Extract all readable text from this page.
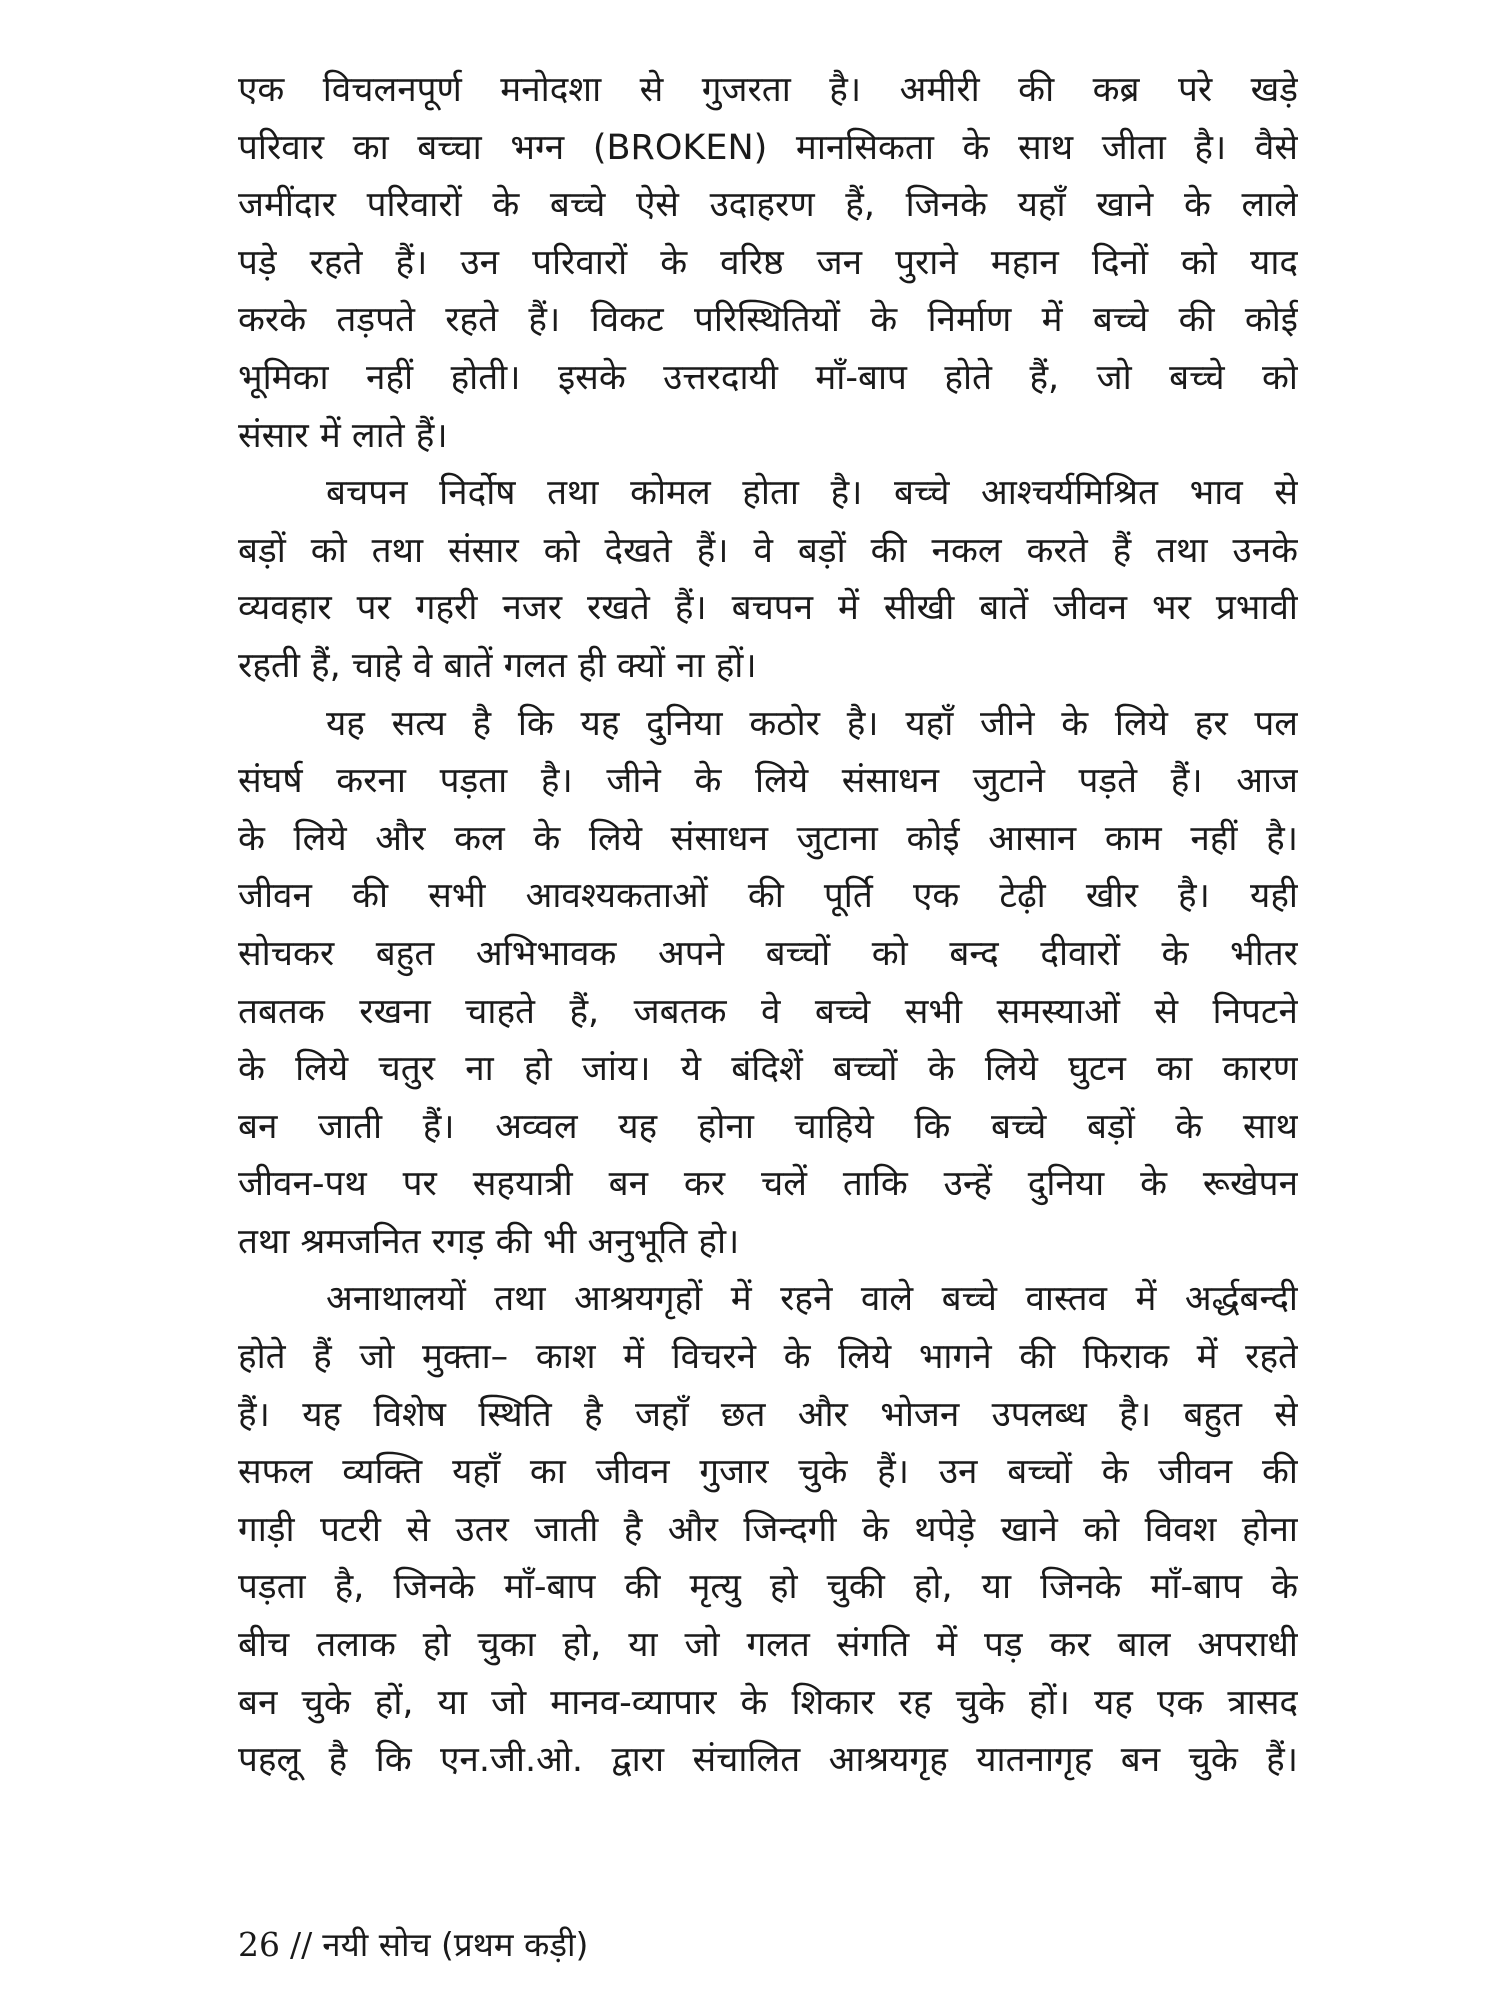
एक विचलनपूर्ण मनोदशा से गुजरता है। अमीरी की कब्र परे खड़े
परिवार का बच्चा भग्न (BROKEN) मानसिकता के साथ जीता है। वैसे
जमींदार परिवारों के बच्चे ऐसे उदाहरण हैं, जिनके यहाँ खाने के लाले
पड़े रहते हैं। उन परिवारों के वरिष्ठ जन पुराने महान दिनों को याद
करके तड़पते रहते हैं। विकट परिस्थितियों के निर्माण में बच्चे की कोई
भूमिका नहीं होती। इसके उत्तरदायी माँ-बाप होते हैं, जो बच्चे को
संसार में लाते हैं।
बचपन निर्दोष तथा कोमल होता है। बच्चे आश्चर्यमिश्रित भाव से
बड़ों को तथा संसार को देखते हैं। वे बड़ों की नकल करते हैं तथा उनके
व्यवहार पर गहरी नजर रखते हैं। बचपन में सीखी बातें जीवन भर प्रभावी
रहती हैं, चाहे वे बातें गलत ही क्यों ना हों।
यह सत्य है कि यह दुनिया कठोर है। यहाँ जीने के लिये हर पल
संघर्ष करना पड़ता है। जीने के लिये संसाधन जुटाने पड़ते हैं। आज
के लिये और कल के लिये संसाधन जुटाना कोई आसान काम नहीं है।
जीवन की सभी आवश्यकताओं की पूर्ति एक टेढ़ी खीर है। यही
सोचकर बहुत अभिभावक अपने बच्चों को बन्द दीवारों के भीतर
तबतक रखना चाहते हैं, जबतक वे बच्चे सभी समस्याओं से निपटने
के लिये चतुर ना हो जांय। ये बंदिशें बच्चों के लिये घुटन का कारण
बन जाती हैं। अव्वल यह होना चाहिये कि बच्चे बड़ों के साथ
जीवन-पथ पर सहयात्री बन कर चलें ताकि उन्हें दुनिया के रूखेपन
तथा श्रमजनित रगड़ की भी अनुभूति हो।
अनाथालयों तथा आश्रयगृहों में रहने वाले बच्चे वास्तव में अर्द्धबन्दी
होते हैं जो मुक्ता– काश में विचरने के लिये भागने की फिराक में रहते
हैं। यह विशेष स्थिति है जहाँ छत और भोजन उपलब्ध है। बहुत से
सफल व्यक्ति यहाँ का जीवन गुजार चुके हैं। उन बच्चों के जीवन की
गाड़ी पटरी से उतर जाती है और जिन्दगी के थपेड़े खाने को विवश होना
पड़ता है, जिनके माँ-बाप की मृत्यु हो चुकी हो, या जिनके माँ-बाप के
बीच तलाक हो चुका हो, या जो गलत संगति में पड़ कर बाल अपराधी
बन चुके हों, या जो मानव-व्यापार के शिकार रह चुके हों। यह एक त्रासद
पहलू है कि एन.जी.ओ. द्वारा संचालित आश्रयगृह यातनागृह बन चुके हैं।
26 // नयी सोच (प्रथम कड़ी)
